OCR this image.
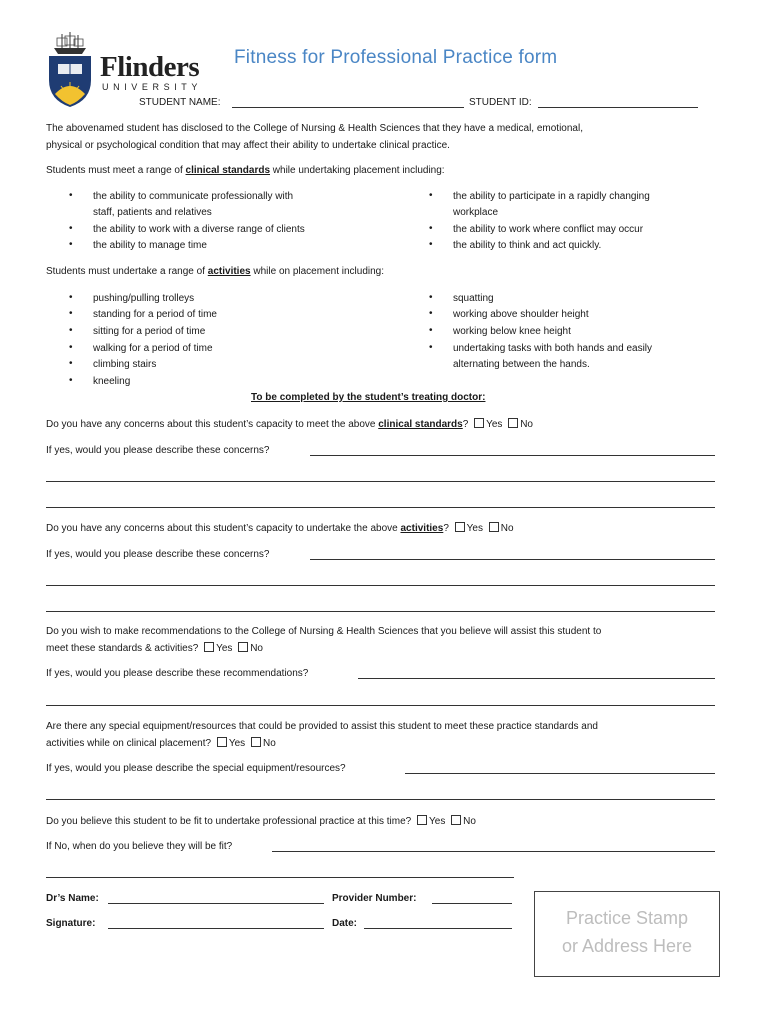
Flinders
UNIVERSITY
Fitness for Professional Practice form
STUDENT NAME:	STUDENT ID:
The abovenamed student has disclosed to the College of Nursing & Health Sciences that they have a medical, emotional,
physical or psychological condition that may affect their ability to undertake clinical practice.
Students must meet a range of clinical standards while undertaking placement including:
• the ability to communicate professionally with
staff, patients and relatives
• the ability to work with a diverse range of clients
• the ability to manage time
• the ability to participate in a rapidly changing
workplace
• the ability to work where conflict may occur
• the ability to think and act quickly.
Students must undertake a range of activities while on placement including:
• pushing/pulling trolleys
• standing for a period of time
• sitting for a period of time
• walking for a period of time
• climbing stairs
• kneeling
• squatting
• working above shoulder height
• working below knee height
• undertaking tasks with both hands and easily
alternating between the hands.
To be completed by the student’s treating doctor:
Do you have any concerns about this student’s capacity to meet the above clinical standards? Yes No
If yes, would you please describe these concerns?
Do you have any concerns about this student’s capacity to undertake the above activities? Yes No
If yes, would you please describe these concerns?
Do you wish to make recommendations to the College of Nursing & Health Sciences that you believe will assist this student to
meet these standards & activities? Yes No
If yes, would you please describe these recommendations?
Are there any special equipment/resources that could be provided to assist this student to meet these practice standards and
activities while on clinical placement? Yes No
If yes, would you please describe the special equipment/resources?
Do you believe this student to be fit to undertake professional practice at this time? Yes No
If No, when do you believe they will be fit?
Dr’s Name:	Provider Number:
Signature:	Date:	Practice Stamp
or Address Here
